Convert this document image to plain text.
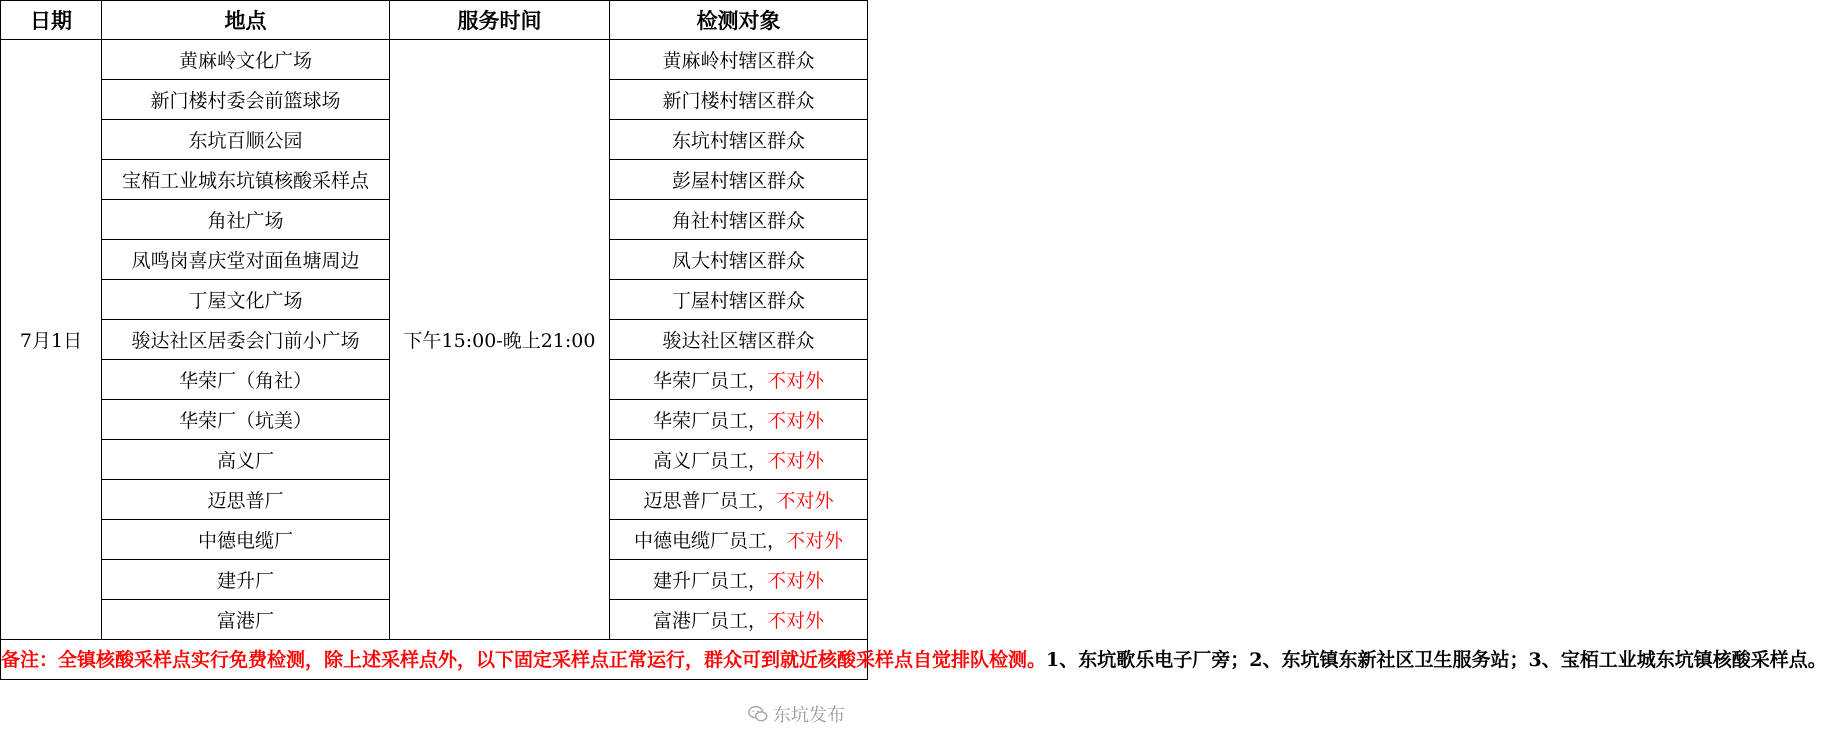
日期	地点	服务时间	检测对象
7月1日	黄麻岭文化广场	下午15:00-晚上21:00	黄麻岭村辖区群众
	新门楼村委会前篮球场		新门楼村辖区群众
	东坑百顺公园		东坑村辖区群众
	宝栢工业城东坑镇核酸采样点		彭屋村辖区群众
	角社广场		角社村辖区群众
	凤鸣岗喜庆堂对面鱼塘周边		凤大村辖区群众
	丁屋文化广场		丁屋村辖区群众
	骏达社区居委会门前小广场		骏达社区辖区群众
	华荣厂（角社）		华荣厂员工，不对外
	华荣厂（坑美）		华荣厂员工，不对外
	高义厂		高义厂员工，不对外
	迈思普厂		迈思普厂员工，不对外
	中德电缆厂		中德电缆厂员工，不对外
	建升厂		建升厂员工，不对外
	富港厂		富港厂员工，不对外
备注：全镇核酸采样点实行免费检测，除上述采样点外，以下固定采样点正常运行，群众可到就近核酸采样点自觉排队检测。1、东坑歌乐电子厂旁；2、东坑镇东新社区卫生服务站；3、宝栢工业城东坑镇核酸采样点。			
东坑发布
